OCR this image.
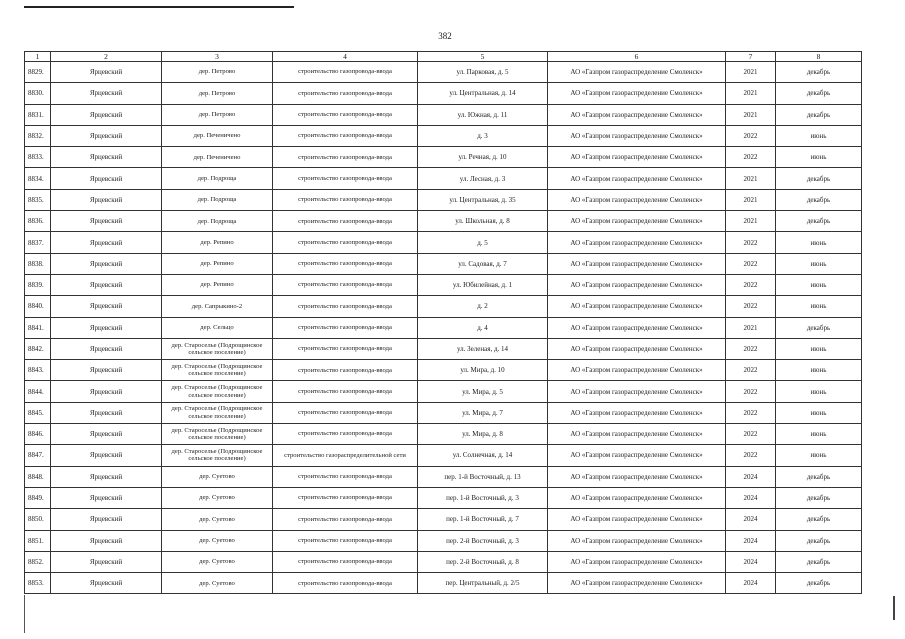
382
1	2	3	4	5	6	7	8
8829.	Ярцевский	дер. Петрово	строительство газопровода-ввода	ул. Парковая, д. 5	АО «Газпром газораспределение Смоленск»	2021	декабрь
8830.	Ярцевский	дер. Петрово	строительство газопровода-ввода	ул. Центральная, д. 14	АО «Газпром газораспределение Смоленск»	2021	декабрь
8831.	Ярцевский	дер. Петрово	строительство газопровода-ввода	ул. Южная, д. 11	АО «Газпром газораспределение Смоленск»	2021	декабрь
8832.	Ярцевский	дер. Печеничено	строительство газопровода-ввода	д. 3	АО «Газпром газораспределение Смоленск»	2022	июнь
8833.	Ярцевский	дер. Печеничено	строительство газопровода-ввода	ул. Речная, д. 10	АО «Газпром газораспределение Смоленск»	2022	июнь
8834.	Ярцевский	дер. Подроща	строительство газопровода-ввода	ул. Лесная, д. 3	АО «Газпром газораспределение Смоленск»	2021	декабрь
8835.	Ярцевский	дер. Подроща	строительство газопровода-ввода	ул. Центральная, д. 35	АО «Газпром газораспределение Смоленск»	2021	декабрь
8836.	Ярцевский	дер. Подроща	строительство газопровода-ввода	ул. Школьная, д. 8	АО «Газпром газораспределение Смоленск»	2021	декабрь
8837.	Ярцевский	дер. Репино	строительство газопровода-ввода	д. 5	АО «Газпром газораспределение Смоленск»	2022	июнь
8838.	Ярцевский	дер. Репино	строительство газопровода-ввода	ул. Садовая, д. 7	АО «Газпром газораспределение Смоленск»	2022	июнь
8839.	Ярцевский	дер. Репино	строительство газопровода-ввода	ул. Юбилейная, д. 1	АО «Газпром газораспределение Смоленск»	2022	июнь
8840.	Ярцевский	дер. Сапрыкино-2	строительство газопровода-ввода	д. 2	АО «Газпром газораспределение Смоленск»	2022	июнь
8841.	Ярцевский	дер. Сельцо	строительство газопровода-ввода	д. 4	АО «Газпром газораспределение Смоленск»	2021	декабрь
8842.	Ярцевский	дер. Староселье (Подрощинское сельское поселение)	строительство газопровода-ввода	ул. Зеленая, д. 14	АО «Газпром газораспределение Смоленск»	2022	июнь
8843.	Ярцевский	дер. Староселье (Подрощинское сельское поселение)	строительство газопровода-ввода	ул. Мира, д. 10	АО «Газпром газораспределение Смоленск»	2022	июнь
8844.	Ярцевский	дер. Староселье (Подрощинское сельское поселение)	строительство газопровода-ввода	ул. Мира, д. 5	АО «Газпром газораспределение Смоленск»	2022	июнь
8845.	Ярцевский	дер. Староселье (Подрощинское сельское поселение)	строительство газопровода-ввода	ул. Мира, д. 7	АО «Газпром газораспределение Смоленск»	2022	июнь
8846.	Ярцевский	дер. Староселье (Подрощинское сельское поселение)	строительство газопровода-ввода	ул. Мира, д. 8	АО «Газпром газораспределение Смоленск»	2022	июнь
8847.	Ярцевский	дер. Староселье (Подрощинское сельское поселение)	строительство газораспределительной сети	ул. Солнечная, д. 14	АО «Газпром газораспределение Смоленск»	2022	июнь
8848.	Ярцевский	дер. Суетово	строительство газопровода-ввода	пер. 1-й Восточный, д. 13	АО «Газпром газораспределение Смоленск»	2024	декабрь
8849.	Ярцевский	дер. Суетово	строительство газопровода-ввода	пер. 1-й Восточный, д. 3	АО «Газпром газораспределение Смоленск»	2024	декабрь
8850.	Ярцевский	дер. Суетово	строительство газопровода-ввода	пер. 1-й Восточный, д. 7	АО «Газпром газораспределение Смоленск»	2024	декабрь
8851.	Ярцевский	дер. Суетово	строительство газопровода-ввода	пер. 2-й Восточный, д. 3	АО «Газпром газораспределение Смоленск»	2024	декабрь
8852.	Ярцевский	дер. Суетово	строительство газопровода-ввода	пер. 2-й Восточный, д. 8	АО «Газпром газораспределение Смоленск»	2024	декабрь
8853.	Ярцевский	дер. Суетово	строительство газопровода-ввода	пер. Центральный, д. 2/5	АО «Газпром газораспределение Смоленск»	2024	декабрь
